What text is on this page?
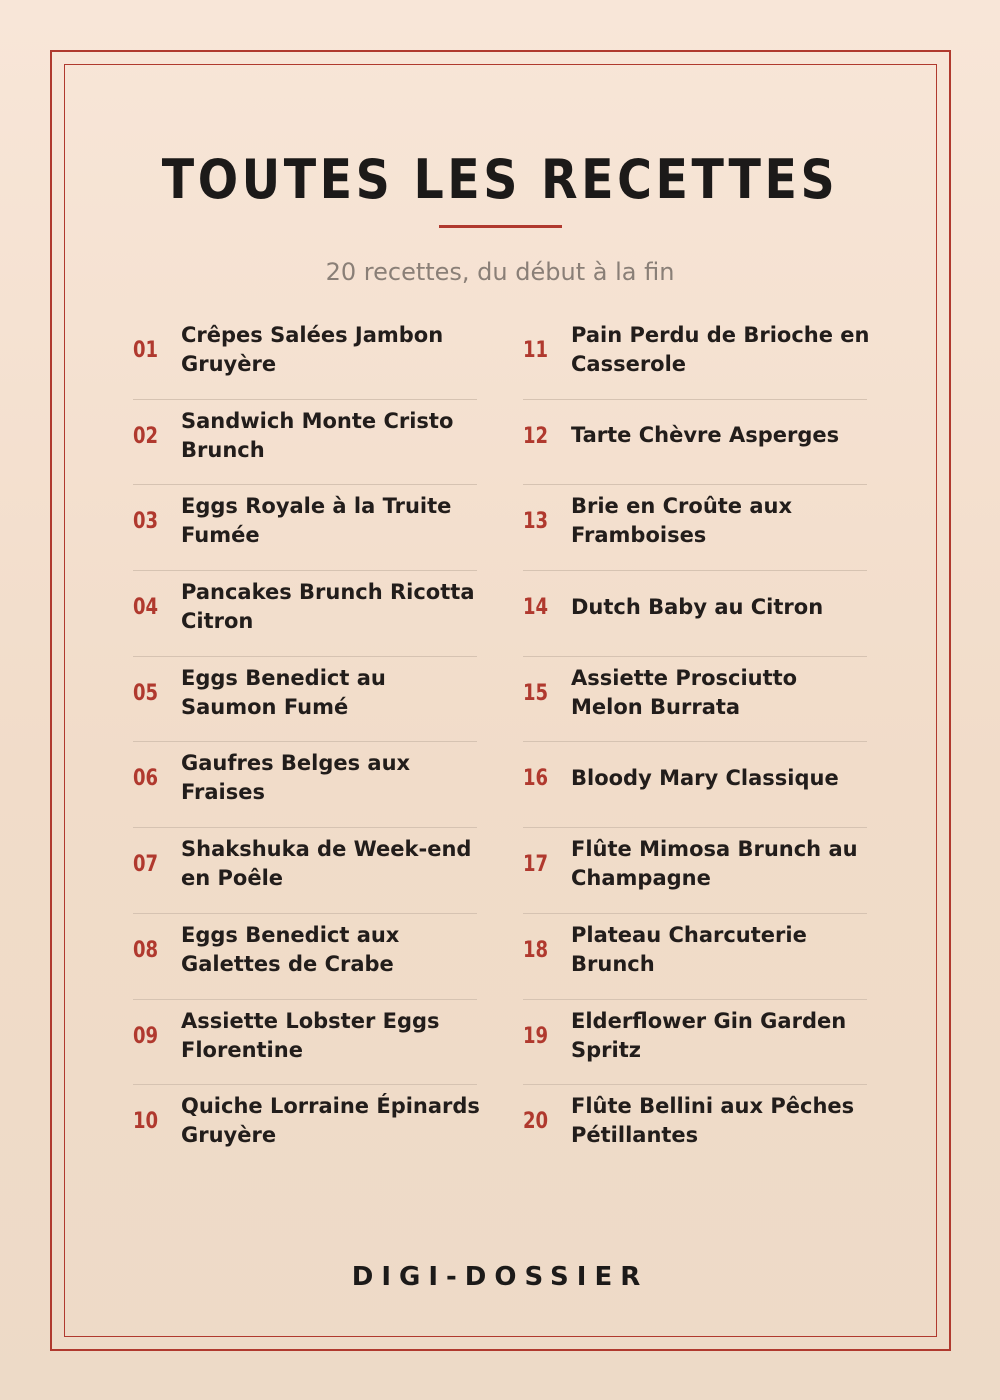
TOUTES LES RECETTES
20 recettes, du début à la fin
01
Crêpes Salées Jambon Gruyère
02
Sandwich Monte Cristo Brunch
03
Eggs Royale à la Truite Fumée
04
Pancakes Brunch Ricotta Citron
05
Eggs Benedict au Saumon Fumé
06
Gaufres Belges aux Fraises
07
Shakshuka de Week-end en Poêle
08
Eggs Benedict aux Galettes de Crabe
09
Assiette Lobster Eggs Florentine
10
Quiche Lorraine Épinards Gruyère
11
Pain Perdu de Brioche en Casserole
12 Tarte Chèvre Asperges
13
Brie en Croûte aux Framboises
14 Dutch Baby au Citron
15
Assiette Prosciutto Melon Burrata
16 Bloody Mary Classique
17
Flûte Mimosa Brunch au Champagne
18
Plateau Charcuterie Brunch
19
Elderflower Gin Garden Spritz
20
Flûte Bellini aux Pêches Pétillantes
DIGI-DOSSIER
